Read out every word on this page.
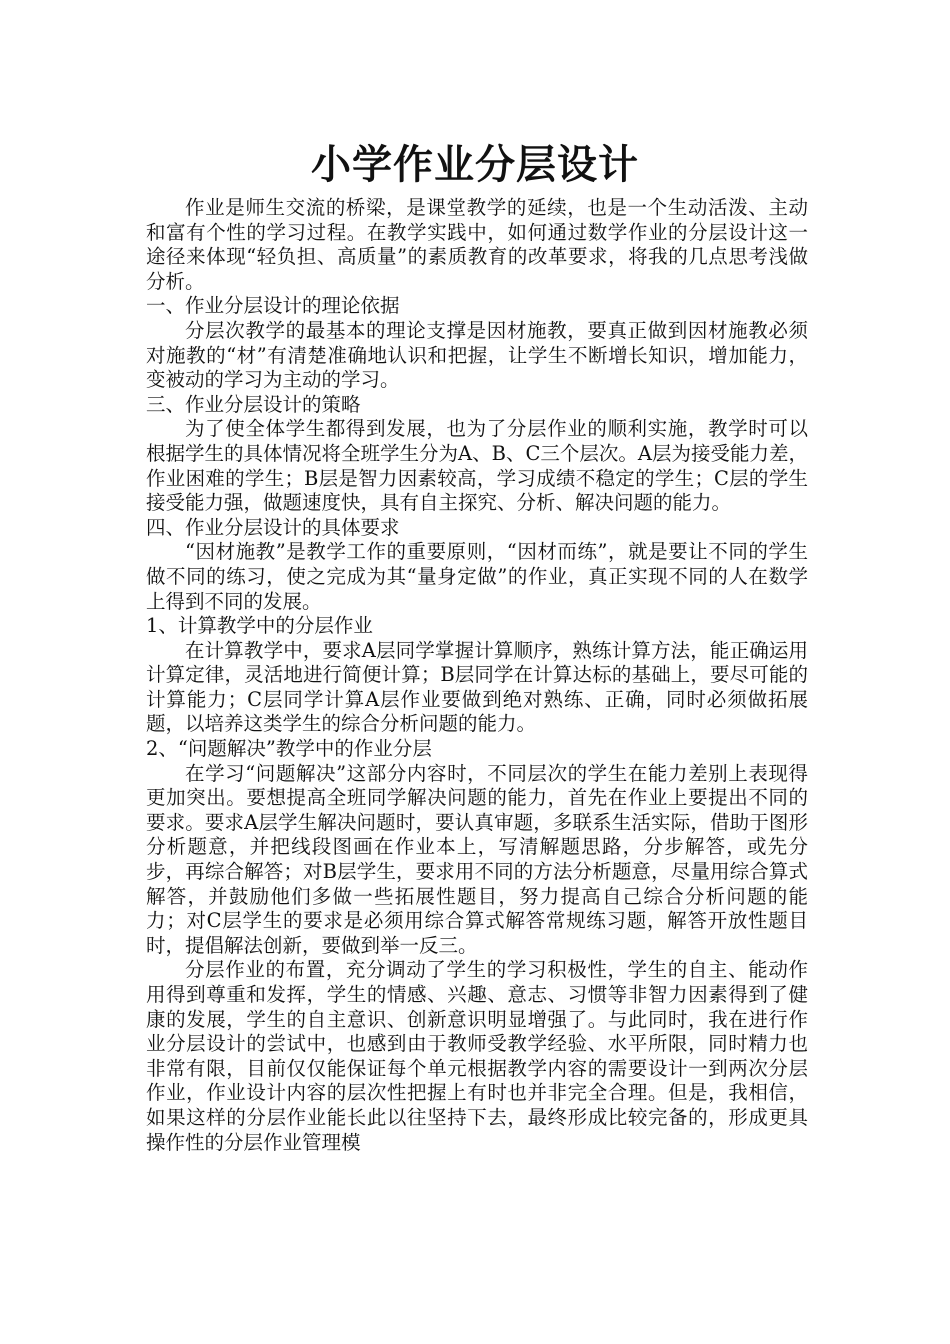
小学作业分层设计

作业是师生交流的桥梁，是课堂教学的延续，也是一个生动活泼、主动和富有个性的学习过程。在教学实践中，如何通过数学作业的分层设计这一途径来体现“轻负担、高质量”的素质教育的改革要求，将我的几点思考浅做分析。

一、作业分层设计的理论依据

分层次教学的最基本的理论支撑是因材施教，要真正做到因材施教必须对施教的“材”有清楚准确地认识和把握，让学生不断增长知识，增加能力，变被动的学习为主动的学习。

三、作业分层设计的策略

为了使全体学生都得到发展，也为了分层作业的顺利实施，教学时可以根据学生的具体情况将全班学生分为A、B、C三个层次。A层为接受能力差，作业困难的学生；B层是智力因素较高，学习成绩不稳定的学生；C层的学生接受能力强，做题速度快，具有自主探究、分析、解决问题的能力。

四、作业分层设计的具体要求

“因材施教”是教学工作的重要原则，“因材而练”，就是要让不同的学生做不同的练习，使之完成为其“量身定做”的作业，真正实现不同的人在数学上得到不同的发展。

1、计算教学中的分层作业

在计算教学中，要求A层同学掌握计算顺序，熟练计算方法，能正确运用计算定律，灵活地进行简便计算；B层同学在计算达标的基础上，要尽可能的计算能力；C层同学计算A层作业要做到绝对熟练、正确，同时必须做拓展题，以培养这类学生的综合分析问题的能力。

2、“问题解决”教学中的作业分层

在学习“问题解决”这部分内容时，不同层次的学生在能力差别上表现得更加突出。要想提高全班同学解决问题的能力，首先在作业上要提出不同的要求。要求A层学生解决问题时，要认真审题，多联系生活实际，借助于图形分析题意，并把线段图画在作业本上，写清解题思路，分步解答，或先分步，再综合解答；对B层学生，要求用不同的方法分析题意，尽量用综合算式解答，并鼓励他们多做一些拓展性题目，努力提高自己综合分析问题的能力；对C层学生的要求是必须用综合算式解答常规练习题，解答开放性题目时，提倡解法创新，要做到举一反三。

分层作业的布置，充分调动了学生的学习积极性，学生的自主、能动作用得到尊重和发挥，学生的情感、兴趣、意志、习惯等非智力因素得到了健康的发展，学生的自主意识、创新意识明显增强了。与此同时，我在进行作业分层设计的尝试中，也感到由于教师受教学经验、水平所限，同时精力也非常有限，目前仅仅能保证每个单元根据教学内容的需要设计一到两次分层作业，作业设计内容的层次性把握上有时也并非完全合理。但是，我相信，如果这样的分层作业能长此以往坚持下去，最终形成比较完备的，形成更具操作性的分层作业管理模
